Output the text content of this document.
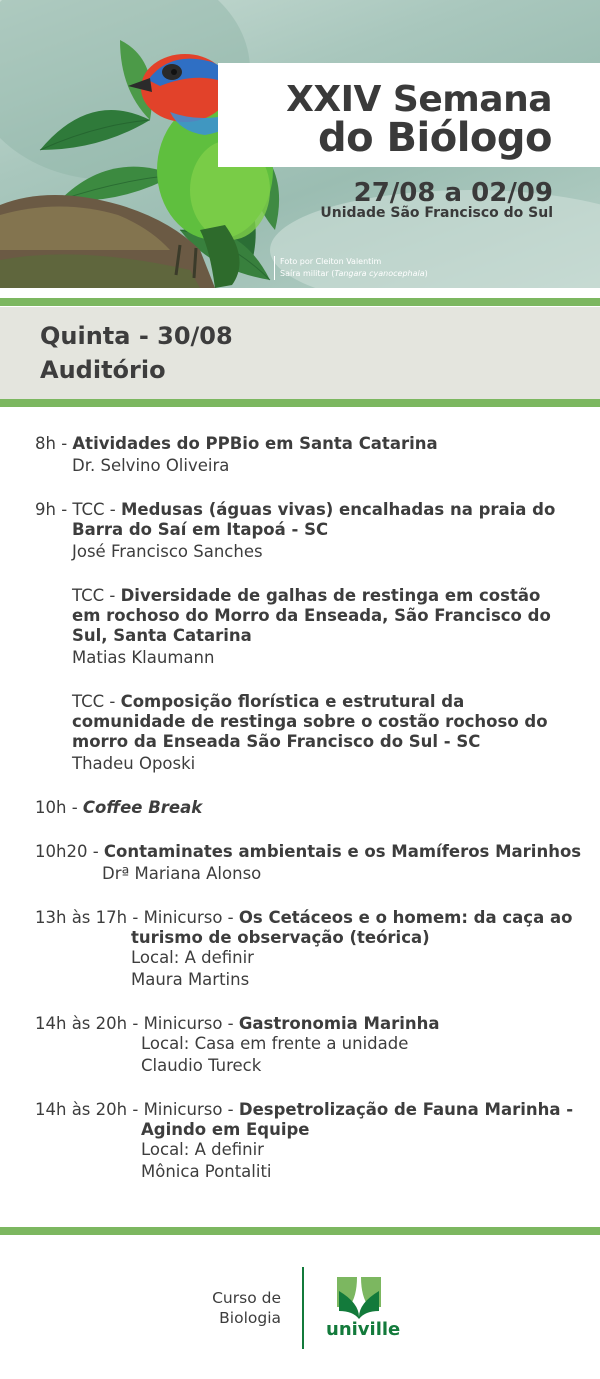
XXIV Semana
do Biólogo
27/08 a 02/09
Unidade São Francisco do Sul
Foto por Cleiton Valentim
Saíra militar (Tangara cyanocephala)
Quinta - 30/08
Auditório
8h - Atividades do PPBio em Santa Catarina
Dr. Selvino Oliveira
9h - TCC - Medusas (águas vivas) encalhadas na praia do
Barra do Saí em Itapoá - SC
José Francisco Sanches
TCC - Diversidade de galhas de restinga em costão
em rochoso do Morro da Enseada, São Francisco do
Sul, Santa Catarina
Matias Klaumann
TCC - Composição florística e estrutural da
comunidade de restinga sobre o costão rochoso do
morro da Enseada São Francisco do Sul - SC
Thadeu Oposki
10h - Coffee Break
10h20 - Contaminates ambientais e os Mamíferos Marinhos
Drª Mariana Alonso
13h às 17h - Minicurso - Os Cetáceos e o homem: da caça ao
turismo de observação (teórica)
Local: A definir
Maura Martins
14h às 20h - Minicurso - Gastronomia Marinha
Local: Casa em frente a unidade
Claudio Tureck
14h às 20h - Minicurso - Despetrolização de Fauna Marinha -
Agindo em Equipe
Local: A definir
Mônica Pontaliti
Curso de
Biologia
univille
